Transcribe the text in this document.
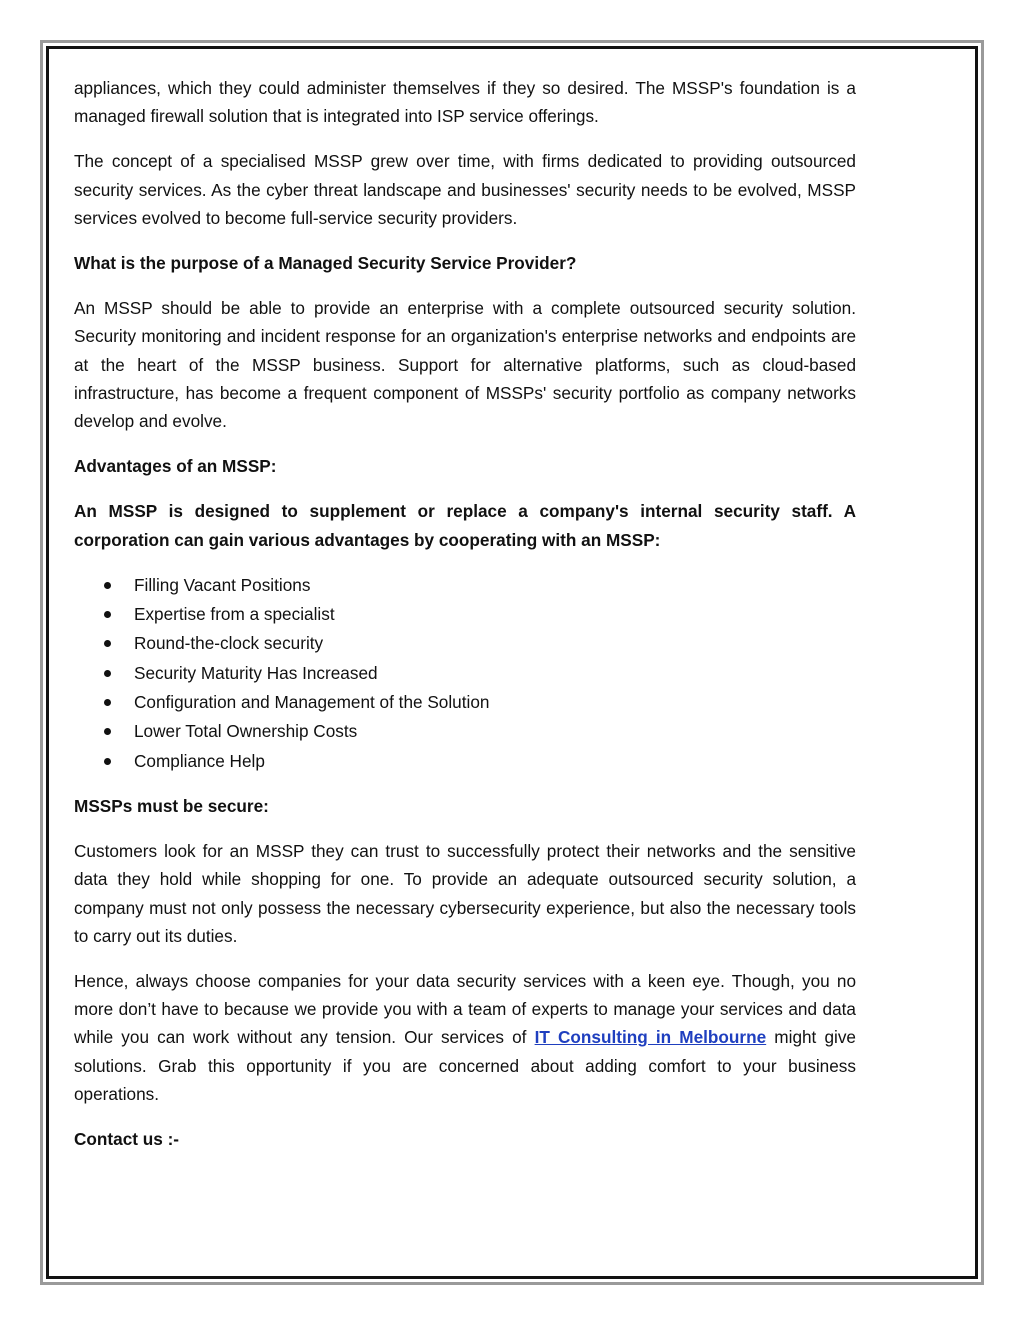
appliances, which they could administer themselves if they so desired. The MSSP's foundation is a managed firewall solution that is integrated into ISP service offerings.

The concept of a specialised MSSP grew over time, with firms dedicated to providing outsourced security services. As the cyber threat landscape and businesses' security needs to be evolved, MSSP services evolved to become full-service security providers.

What is the purpose of a Managed Security Service Provider?

An MSSP should be able to provide an enterprise with a complete outsourced security solution. Security monitoring and incident response for an organization's enterprise networks and endpoints are at the heart of the MSSP business. Support for alternative platforms, such as cloud-based infrastructure, has become a frequent component of MSSPs' security portfolio as company networks develop and evolve.

Advantages of an MSSP:

An MSSP is designed to supplement or replace a company's internal security staff. A corporation can gain various advantages by cooperating with an MSSP:

Filling Vacant Positions
Expertise from a specialist
Round-the-clock security
Security Maturity Has Increased
Configuration and Management of the Solution
Lower Total Ownership Costs
Compliance Help

MSSPs must be secure:

Customers look for an MSSP they can trust to successfully protect their networks and the sensitive data they hold while shopping for one. To provide an adequate outsourced security solution, a company must not only possess the necessary cybersecurity experience, but also the necessary tools to carry out its duties.

Hence, always choose companies for your data security services with a keen eye. Though, you no more don’t have to because we provide you with a team of experts to manage your services and data while you can work without any tension. Our services of IT Consulting in Melbourne might give solutions. Grab this opportunity if you are concerned about adding comfort to your business operations.

Contact us :-
